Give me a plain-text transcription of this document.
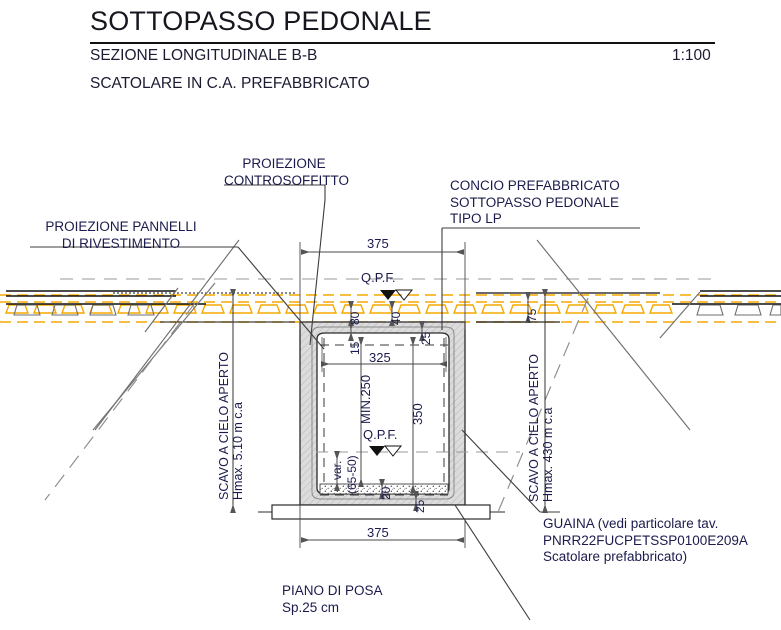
SOTTOPASSO PEDONALE
SEZIONE LONGITUDINALE B-B
SCATOLARE IN C.A. PREFABBRICATO
1:100
PROIEZIONE
CONTROSOFFITTO
PROIEZIONE PANNELLI
DI RIVESTIMENTO
CONCIO PREFABBRICATO
SOTTOPASSO PEDONALE
TIPO LP
GUAINA (vedi particolare tav.
PNRR22FUCPETSSP0100E209A
Scatolare prefabbricato)
PIANO DI POSA
Sp.25 cm
Q.P.F.
Q.P.F.
375
375
325
350
MIN.250
80 40
15
25
20
25
75
var. (65-50)
SCAVO A CIELO APERTO Hmax. 5.10 m c.a	SCAVO A CIELO APERTO Hmax. 430 m c.a
